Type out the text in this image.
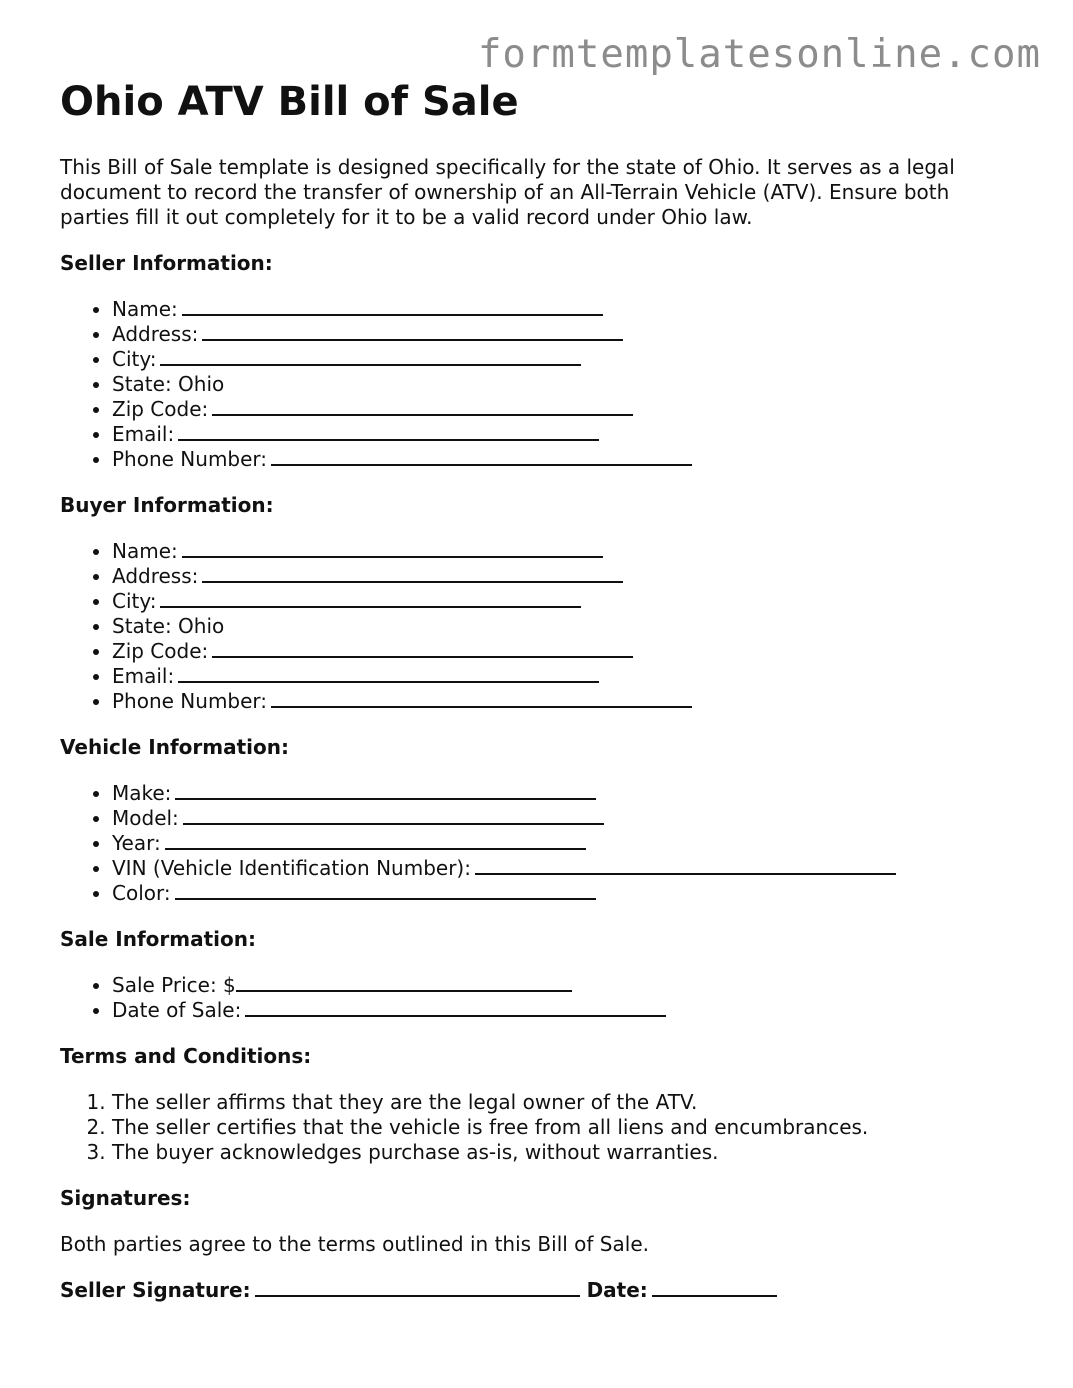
formtemplatesonline.com
Ohio ATV Bill of Sale

This Bill of Sale template is designed specifically for the state of Ohio. It serves as a legal document to record the transfer of ownership of an All-Terrain Vehicle (ATV). Ensure both parties fill it out completely for it to be a valid record under Ohio law.

Seller Information:

• Name:
• Address:
• City:
• State: Ohio
• Zip Code:
• Email:
• Phone Number:

Buyer Information:

• Name:
• Address:
• City:
• State: Ohio
• Zip Code:
• Email:
• Phone Number:

Vehicle Information:

• Make:
• Model:
• Year:
• VIN (Vehicle Identification Number):
• Color:

Sale Information:

• Sale Price: $
• Date of Sale:

Terms and Conditions:

1. The seller affirms that they are the legal owner of the ATV.
2. The seller certifies that the vehicle is free from all liens and encumbrances.
3. The buyer acknowledges purchase as-is, without warranties.

Signatures:

Both parties agree to the terms outlined in this Bill of Sale.

Seller Signature:	Date:
